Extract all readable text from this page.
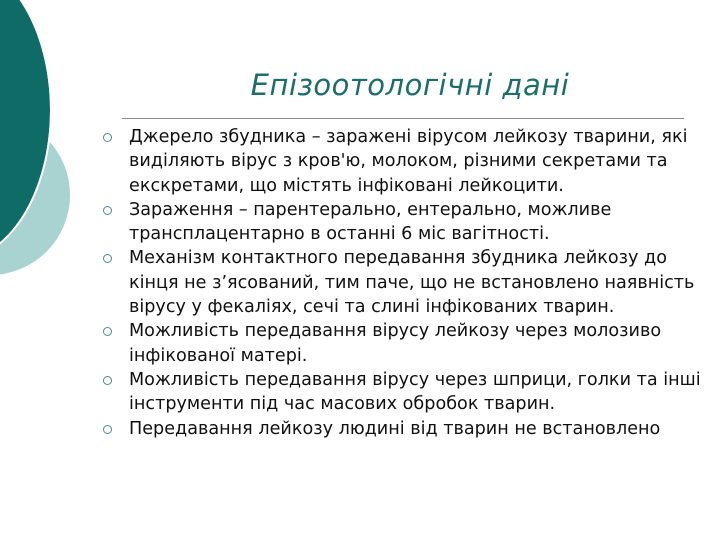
Епізоотологічні дані
Джерело збудника – заражені вірусом лейкозу тварини, які виділяють вірус з кров'ю, молоком, різними секретами та екскретами, що містять інфіковані лейкоцити.
Зараження – парентерально, ентерально, можливе трансплацентарно в останні 6 міс вагітності.
Механізм контактного передавання збудника лейкозу до кінця не з’ясований, тим паче, що не встановлено наявність вірусу у фекаліях, сечі та слині інфікованих тварин.
Можливість передавання вірусу лейкозу через молозиво інфікованої матері.
Можливість передавання вірусу через шприци, голки та інші інструменти під час масових обробок тварин.
Передавання лейкозу людині від тварин не встановлено
